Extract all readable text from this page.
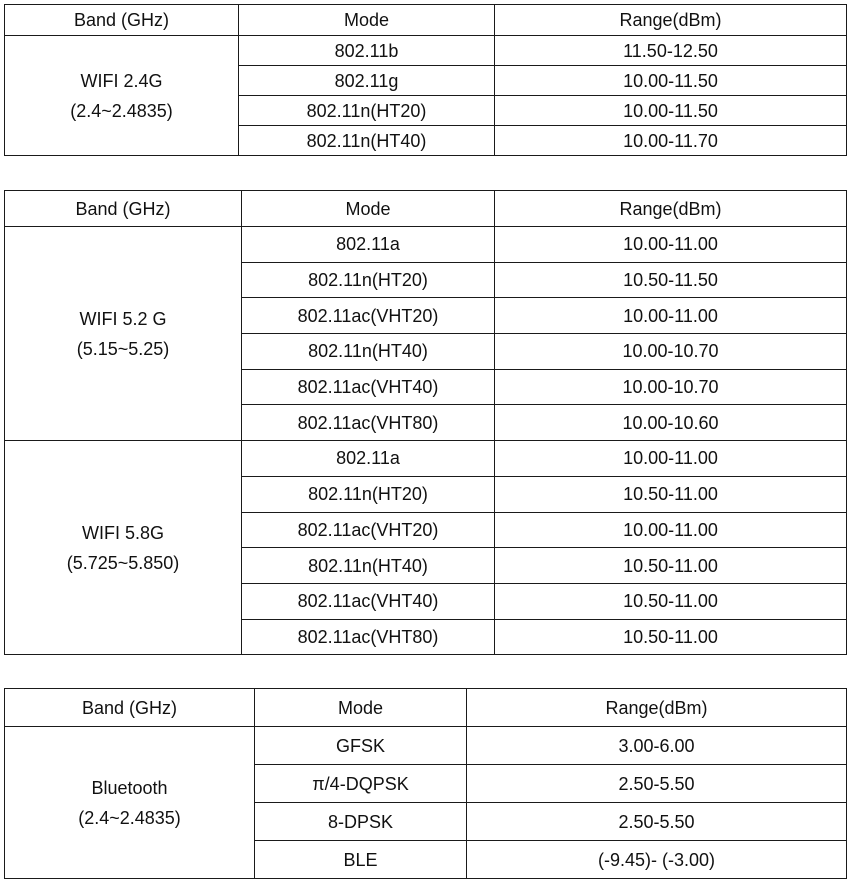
Band (GHz)	Mode	Range(dBm)

WIFI 2.4G
(2.4~2.4835)	802.11b	11.50-12.50
	802.11g	10.00-11.50
	802.11n(HT20)	10.00-11.50
	802.11n(HT40)	10.00-11.70
Band (GHz)	Mode	Range(dBm)

WIFI 5.2 G
(5.15~5.25)	802.11a	10.00-11.00
	802.11n(HT20)	10.50-11.50
	802.11ac(VHT20)	10.00-11.00
	802.11n(HT40)	10.00-10.70
	802.11ac(VHT40)	10.00-10.70
	802.11ac(VHT80)	10.00-10.60

WIFI 5.8G
(5.725~5.850)	802.11a	10.00-11.00
	802.11n(HT20)	10.50-11.00
	802.11ac(VHT20)	10.00-11.00
	802.11n(HT40)	10.50-11.00
	802.11ac(VHT40)	10.50-11.00
	802.11ac(VHT80)	10.50-11.00
Band (GHz)	Mode	Range(dBm)

Bluetooth
(2.4~2.4835)	GFSK	3.00-6.00
	π/4-DQPSK	2.50-5.50
	8-DPSK	2.50-5.50
	BLE	(-9.45)- (-3.00)
